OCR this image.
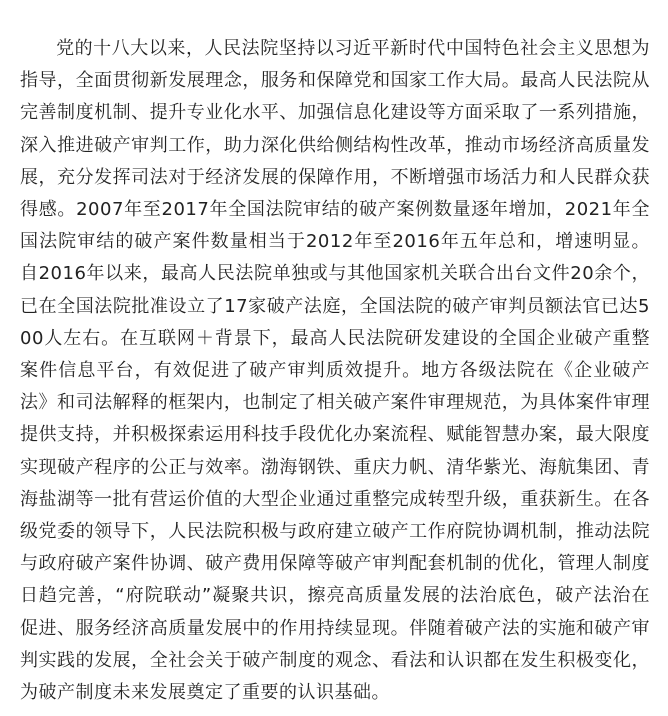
党的十八大以来，人民法院坚持以习近平新时代中国特色社会主义思想为指导，全面贯彻新发展理念，服务和保障党和国家工作大局。最高人民法院从完善制度机制、提升专业化水平、加强信息化建设等方面采取了一系列措施，深入推进破产审判工作，助力深化供给侧结构性改革，推动市场经济高质量发展，充分发挥司法对于经济发展的保障作用，不断增强市场活力和人民群众获得感。2007年至2017年全国法院审结的破产案例数量逐年增加，2021年全国法院审结的破产案件数量相当于2012年至2016年五年总和，增速明显。自2016年以来，最高人民法院单独或与其他国家机关联合出台文件20余个，已在全国法院批准设立了17家破产法庭，全国法院的破产审判员额法官已达500人左右。在互联网＋背景下，最高人民法院研发建设的全国企业破产重整案件信息平台，有效促进了破产审判质效提升。地方各级法院在《企业破产法》和司法解释的框架内，也制定了相关破产案件审理规范，为具体案件审理提供支持，并积极探索运用科技手段优化办案流程、赋能智慧办案，最大限度实现破产程序的公正与效率。渤海钢铁、重庆力帆、清华紫光、海航集团、青海盐湖等一批有营运价值的大型企业通过重整完成转型升级，重获新生。在各级党委的领导下，人民法院积极与政府建立破产工作府院协调机制，推动法院与政府破产案件协调、破产费用保障等破产审判配套机制的优化，管理人制度日趋完善，“府院联动”凝聚共识，擦亮高质量发展的法治底色，破产法治在促进、服务经济高质量发展中的作用持续显现。伴随着破产法的实施和破产审判实践的发展，全社会关于破产制度的观念、看法和认识都在发生积极变化，为破产制度未来发展奠定了重要的认识基础。
